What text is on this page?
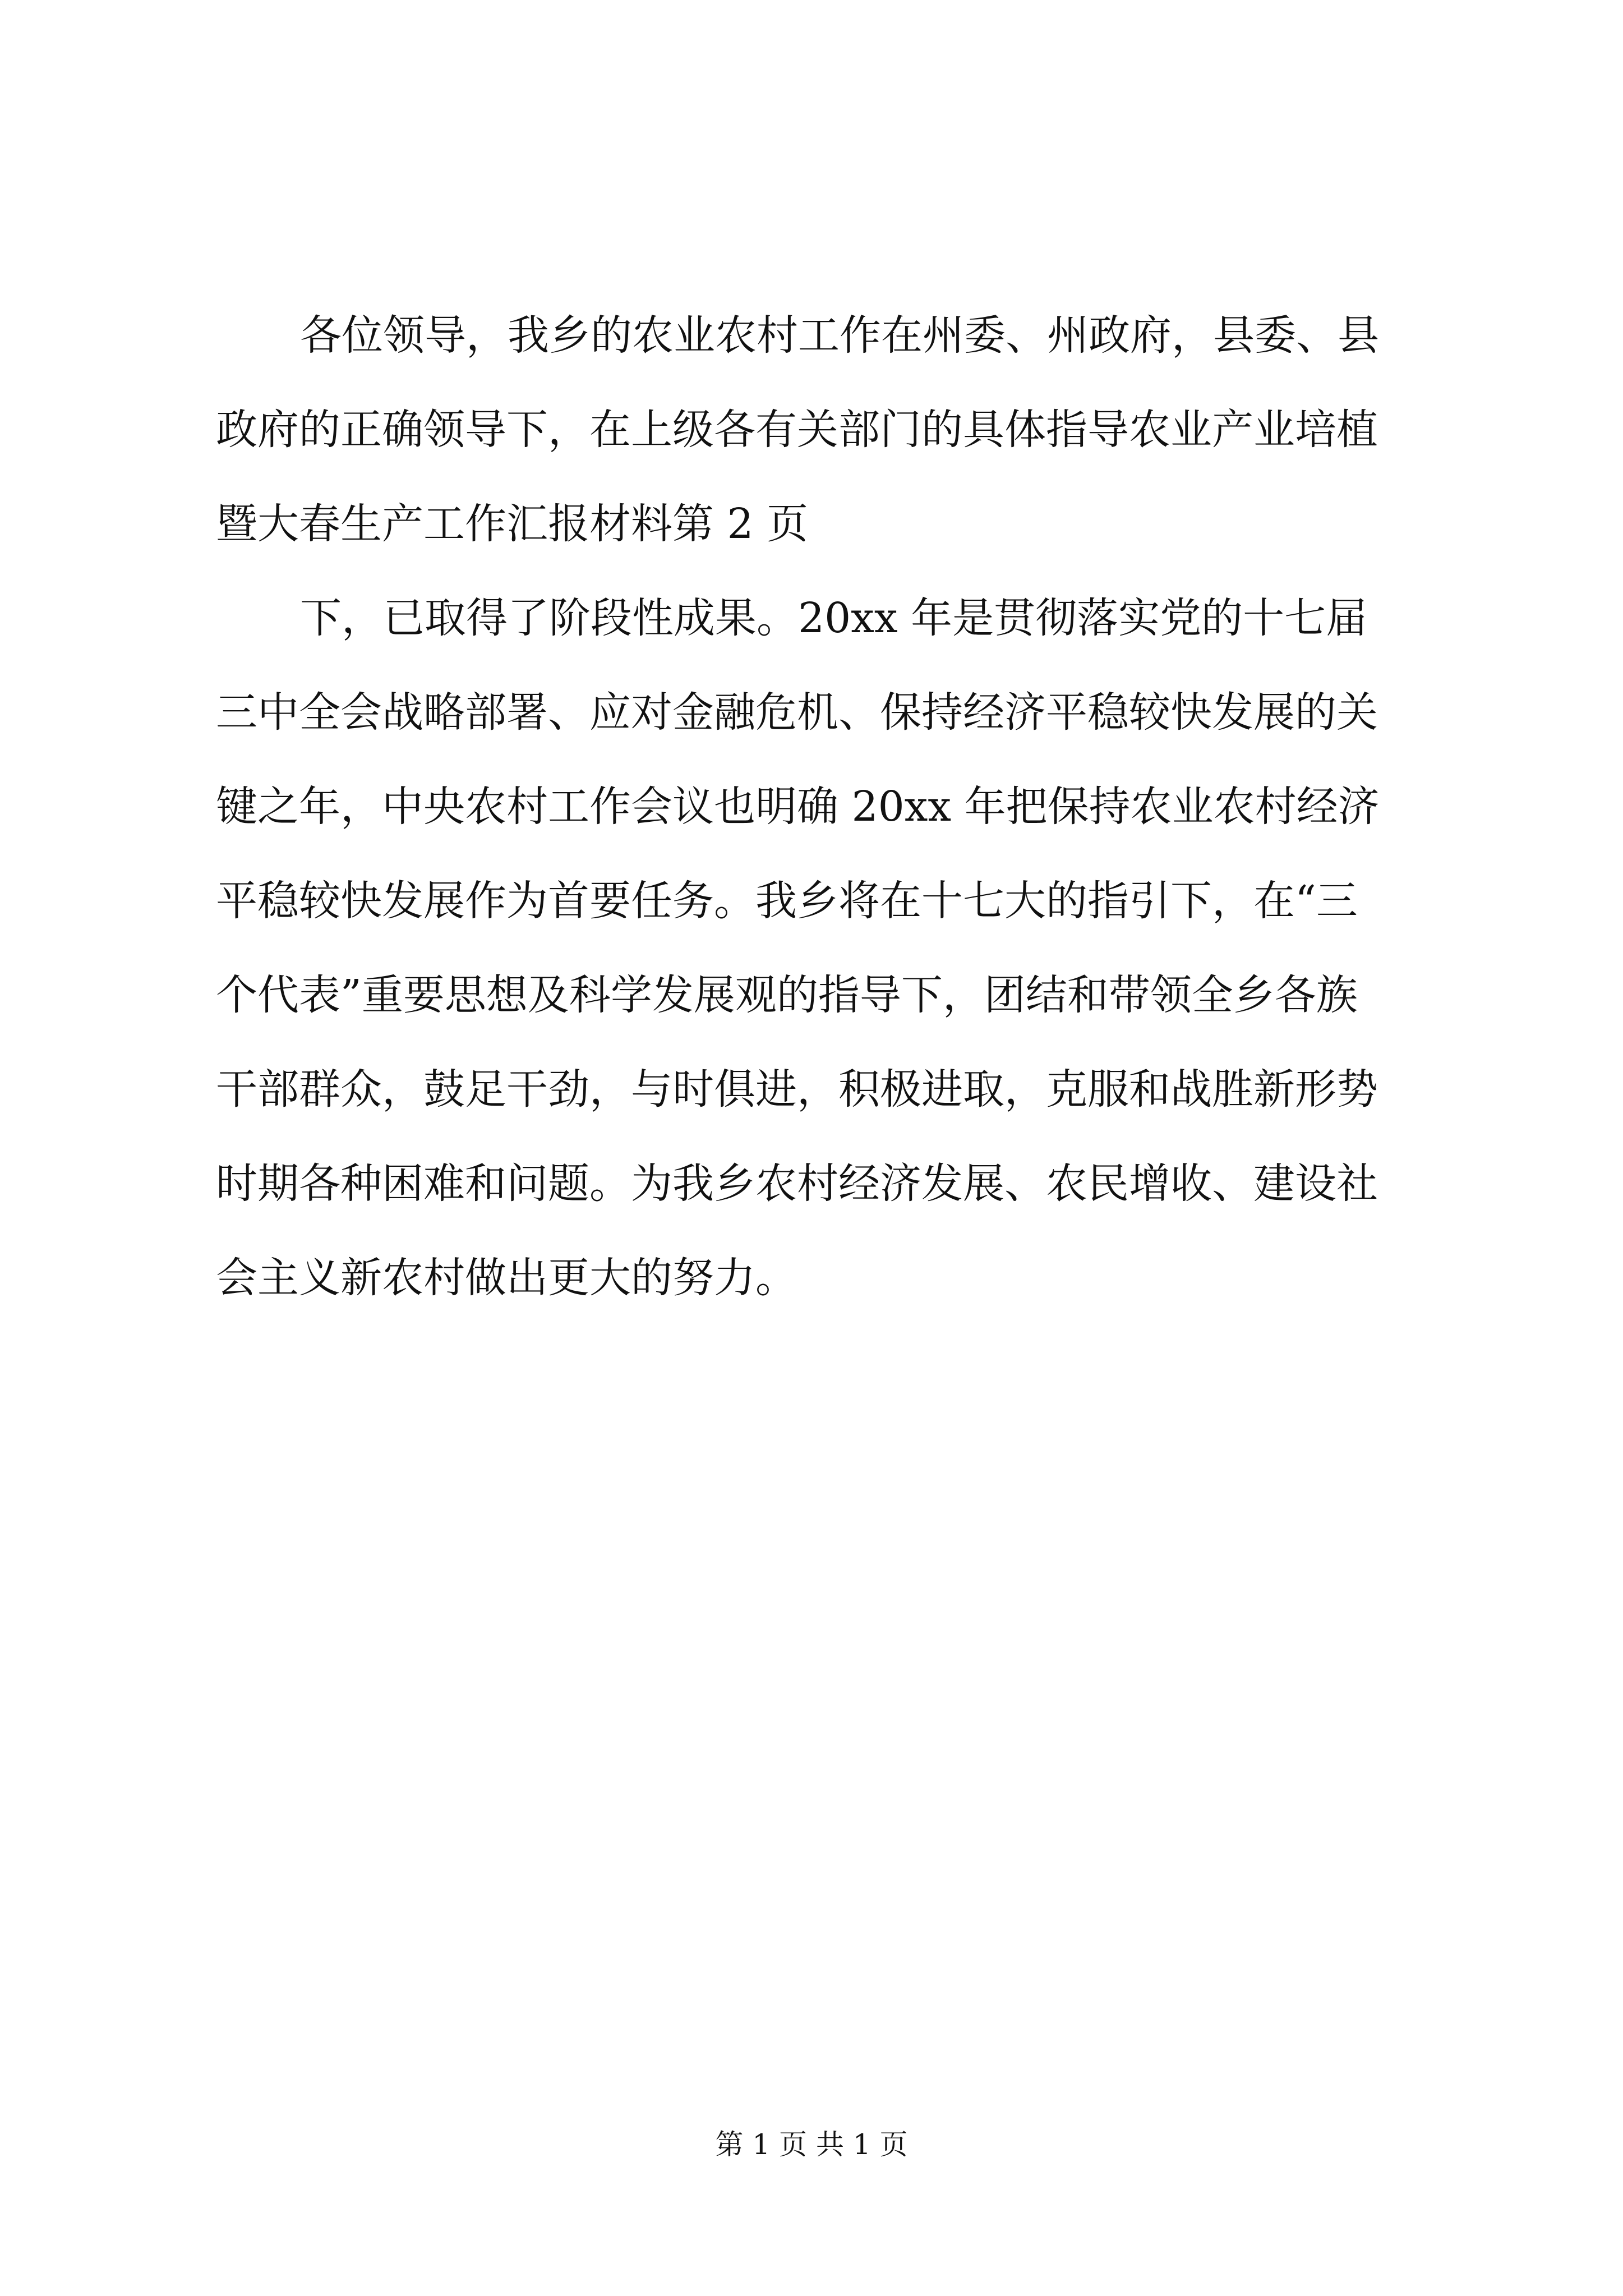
各位领导，我乡的农业农村工作在州委、州政府，县委、县
政府的正确领导下，在上级各有关部门的具体指导农业产业培植
暨大春生产工作汇报材料第 2 页
下，已取得了阶段性成果。20xx 年是贯彻落实党的十七届
三中全会战略部署、应对金融危机、保持经济平稳较快发展的关
键之年，中央农村工作会议也明确 20xx 年把保持农业农村经济
平稳较快发展作为首要任务。我乡将在十七大的指引下，在“三
个代表”重要思想及科学发展观的指导下，团结和带领全乡各族
干部群众，鼓足干劲，与时俱进，积极进取，克服和战胜新形势
时期各种困难和问题。为我乡农村经济发展、农民增收、建设社
会主义新农村做出更大的努力。
第 1 页 共 1 页
